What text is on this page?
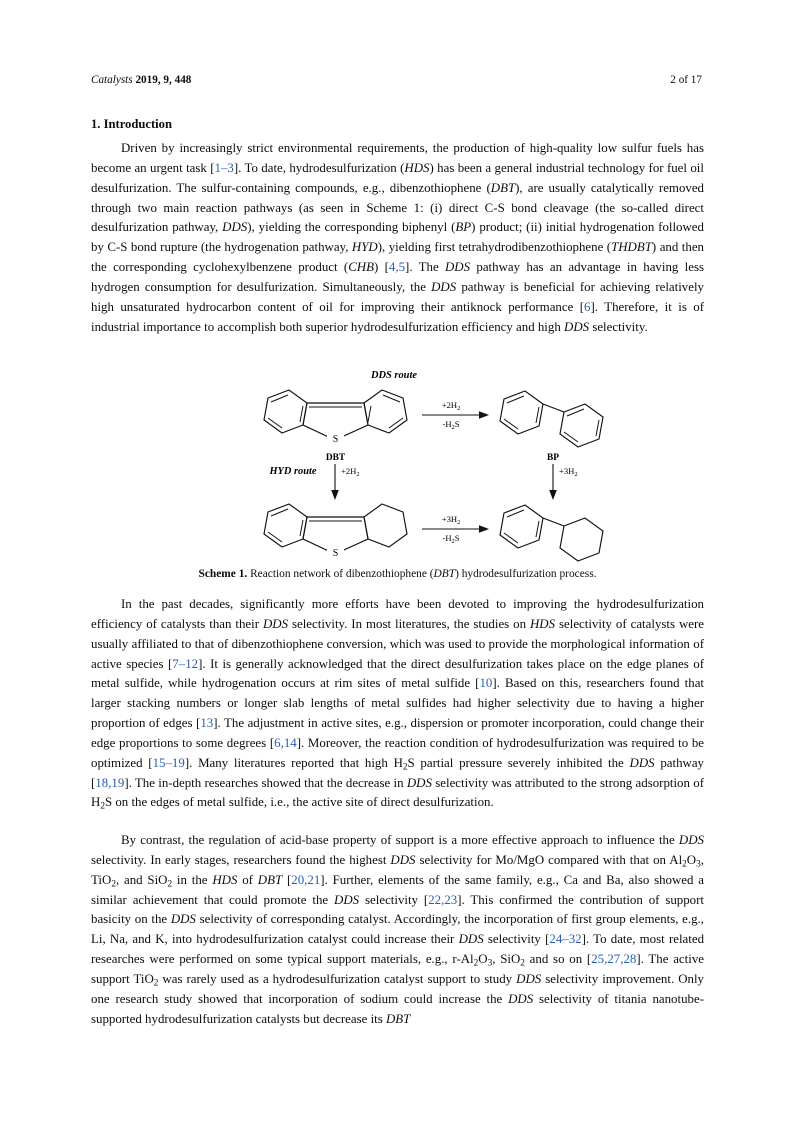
Catalysts 2019, 9, 448	2 of 17
1. Introduction
Driven by increasingly strict environmental requirements, the production of high-quality low sulfur fuels has become an urgent task [1–3]. To date, hydrodesulfurization (HDS) has been a general industrial technology for fuel oil desulfurization. The sulfur-containing compounds, e.g., dibenzothiophene (DBT), are usually catalytically removed through two main reaction pathways (as seen in Scheme 1: (i) direct C-S bond cleavage (the so-called direct desulfurization pathway, DDS), yielding the corresponding biphenyl (BP) product; (ii) initial hydrogenation followed by C-S bond rupture (the hydrogenation pathway, HYD), yielding first tetrahydrodibenzothiophene (THDBT) and then the corresponding cyclohexylbenzene product (CHB) [4,5]. The DDS pathway has an advantage in having less hydrogen consumption for desulfurization. Simultaneously, the DDS pathway is beneficial for achieving relatively high unsaturated hydrocarbon content of oil for improving their antiknock performance [6]. Therefore, it is of industrial importance to accomplish both superior hydrodesulfurization efficiency and high DDS selectivity.
DDS route
S
DBT
$+2H_2$
$-H_2S$
BP
HYD route	$+2H_2$	$+3H_2$
S
$+3H_2$
$-H_2S$
Scheme 1. Reaction network of dibenzothiophene (DBT) hydrodesulfurization process.
In the past decades, significantly more efforts have been devoted to improving the hydrodesulfurization efficiency of catalysts than their DDS selectivity. In most literatures, the studies on HDS selectivity of catalysts were usually affiliated to that of dibenzothiophene conversion, which was used to provide the morphological information of active species [7–12]. It is generally acknowledged that the direct desulfurization takes place on the edge planes of metal sulfide, while hydrogenation occurs at rim sites of metal sulfide [10]. Based on this, researchers found that larger stacking numbers or longer slab lengths of metal sulfides had higher selectivity due to having a higher proportion of edges [13]. The adjustment in active sites, e.g., dispersion or promoter incorporation, could change their edge proportions to some degrees [6,14]. Moreover, the reaction condition of hydrodesulfurization was required to be optimized [15–19]. Many literatures reported that high $H_2S$ partial pressure severely inhibited the DDS pathway [18,19]. The in-depth researches showed that the decrease in DDS selectivity was attributed to the strong adsorption of $H_2S$ on the edges of metal sulfide, i.e., the active site of direct desulfurization.
By contrast, the regulation of acid-base property of support is a more effective approach to influence the DDS selectivity. In early stages, researchers found the highest DDS selectivity for Mo/MgO compared with that on $Al_2O_3$, TiO$_2$, and SiO$_2$ in the HDS of DBT [20,21]. Further, elements of the same family, e.g., Ca and Ba, also showed a similar achievement that could promote the DDS selectivity [22,23]. This confirmed the contribution of support basicity on the DDS selectivity of corresponding catalyst. Accordingly, the incorporation of first group elements, e.g., Li, Na, and K, into hydrodesulfurization catalyst could increase their DDS selectivity [24–32]. To date, most related researches were performed on some typical support materials, e.g., $r-Al_2O_3$, SiO$_2$ and so on [25,27,28]. The active support TiO$_2$ was rarely used as a hydrodesulfurization catalyst support to study DDS selectivity improvement. Only one research study showed that incorporation of sodium could increase the DDS selectivity of titania nanotube-supported hydrodesulfurization catalysts but decrease its DBT
